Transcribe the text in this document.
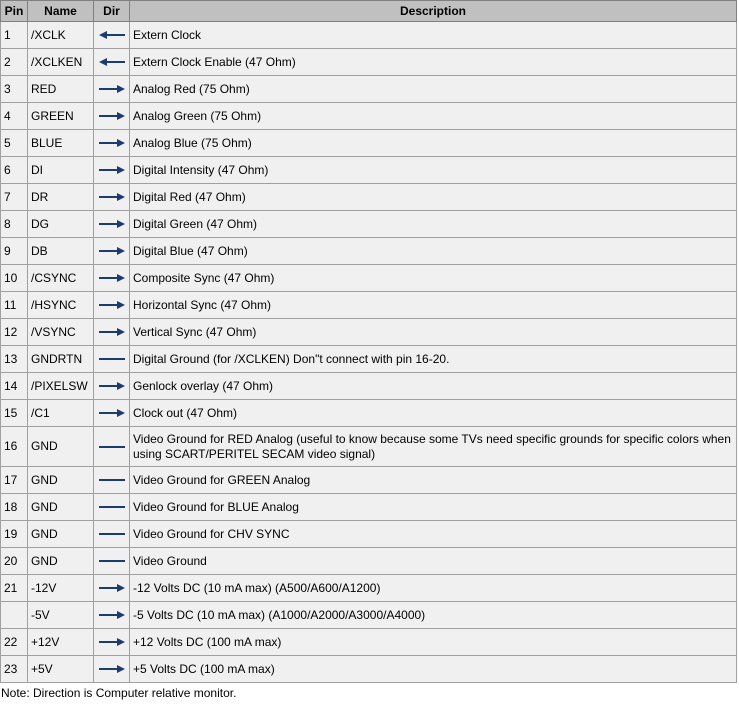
Pin	Name	Dir	Description
1	/XCLK		Extern Clock
2	/XCLKEN		Extern Clock Enable (47 Ohm)
3	RED		Analog Red (75 Ohm)
4	GREEN		Analog Green (75 Ohm)
5	BLUE		Analog Blue (75 Ohm)
6	DI		Digital Intensity (47 Ohm)
7	DR		Digital Red (47 Ohm)
8	DG		Digital Green (47 Ohm)
9	DB		Digital Blue (47 Ohm)
10	/CSYNC		Composite Sync (47 Ohm)
11	/HSYNC		Horizontal Sync (47 Ohm)
12	/VSYNC		Vertical Sync (47 Ohm)
13	GNDRTN		Digital Ground (for /XCLKEN) Don"t connect with pin 16-20.
14	/PIXELSW		Genlock overlay (47 Ohm)
15	/C1		Clock out (47 Ohm)
16	GND		Video Ground for RED Analog (useful to know because some TVs need specific grounds for specific colors when using SCART/PERITEL SECAM video signal)
17	GND		Video Ground for GREEN Analog
18	GND		Video Ground for BLUE Analog
19	GND		Video Ground for CHV SYNC
20	GND		Video Ground
21	-12V		-12 Volts DC (10 mA max) (A500/A600/A1200)
	-5V		-5 Volts DC (10 mA max) (A1000/A2000/A3000/A4000)
22	+12V		+12 Volts DC (100 mA max)
23	+5V		+5 Volts DC (100 mA max)
Note: Direction is Computer relative monitor.
